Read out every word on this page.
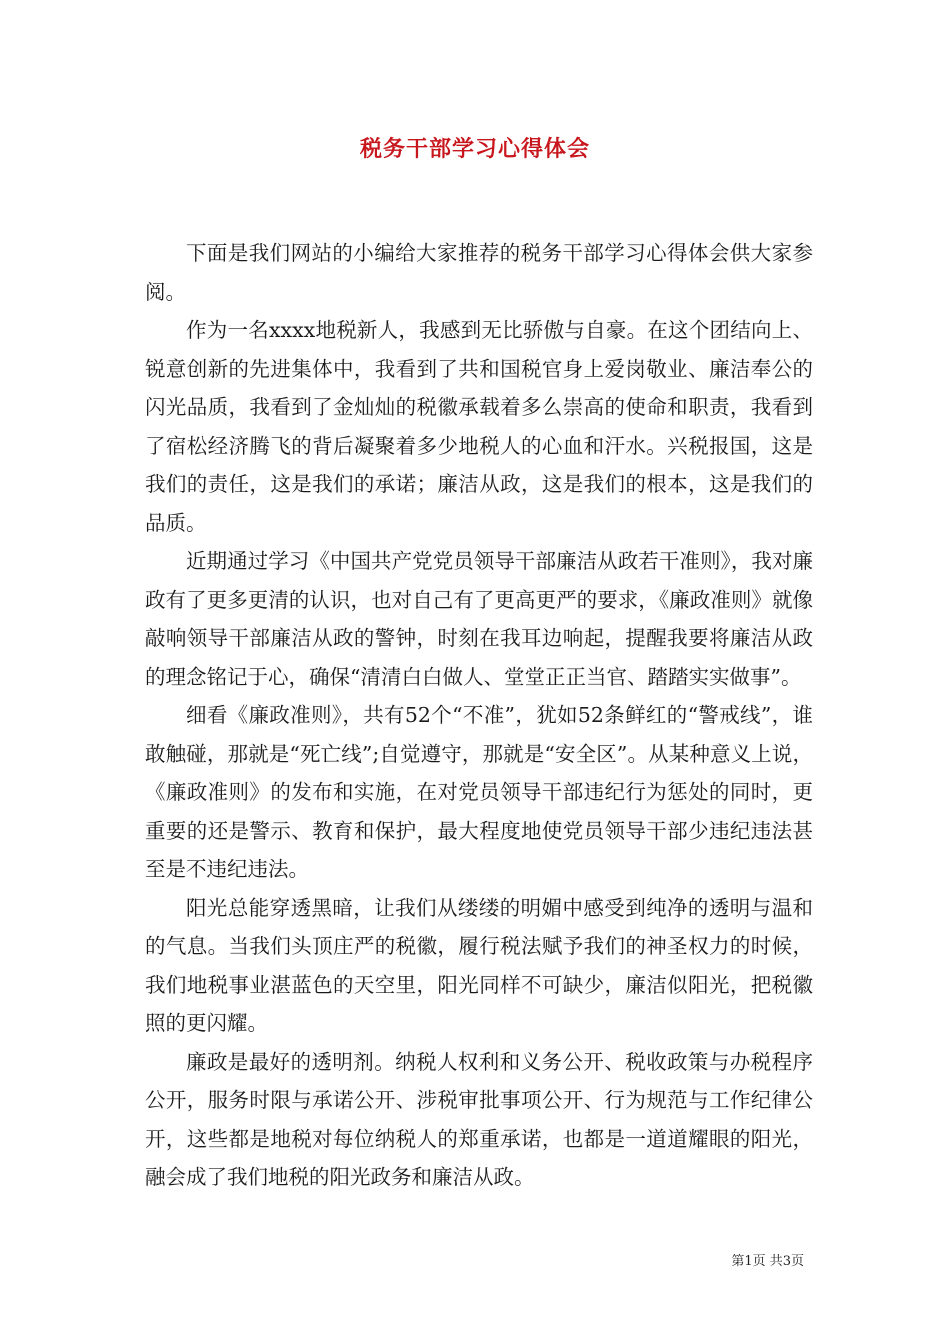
税务干部学习心得体会

下面是我们网站的小编给大家推荐的税务干部学习心得体会供大家参阅。

作为一名xxxx地税新人，我感到无比骄傲与自豪。在这个团结向上、锐意创新的先进集体中，我看到了共和国税官身上爱岗敬业、廉洁奉公的闪光品质，我看到了金灿灿的税徽承载着多么崇高的使命和职责，我看到了宿松经济腾飞的背后凝聚着多少地税人的心血和汗水。兴税报国，这是我们的责任，这是我们的承诺；廉洁从政，这是我们的根本，这是我们的品质。

近期通过学习《中国共产党党员领导干部廉洁从政若干准则》，我对廉政有了更多更清的认识，也对自己有了更高更严的要求，《廉政准则》就像敲响领导干部廉洁从政的警钟，时刻在我耳边响起，提醒我要将廉洁从政的理念铭记于心，确保“清清白白做人、堂堂正正当官、踏踏实实做事”。

细看《廉政准则》，共有52个“不准”，犹如52条鲜红的“警戒线”，谁敢触碰，那就是“死亡线”;自觉遵守，那就是“安全区”。从某种意义上说，《廉政准则》的发布和实施，在对党员领导干部违纪行为惩处的同时，更重要的还是警示、教育和保护，最大程度地使党员领导干部少违纪违法甚至是不违纪违法。

阳光总能穿透黑暗，让我们从缕缕的明媚中感受到纯净的透明与温和的气息。当我们头顶庄严的税徽，履行税法赋予我们的神圣权力的时候，我们地税事业湛蓝色的天空里，阳光同样不可缺少，廉洁似阳光，把税徽照的更闪耀。

廉政是最好的透明剂。纳税人权利和义务公开、税收政策与办税程序公开，服务时限与承诺公开、涉税审批事项公开、行为规范与工作纪律公开，这些都是地税对每位纳税人的郑重承诺，也都是一道道耀眼的阳光，融会成了我们地税的阳光政务和廉洁从政。

第1页 共3页
